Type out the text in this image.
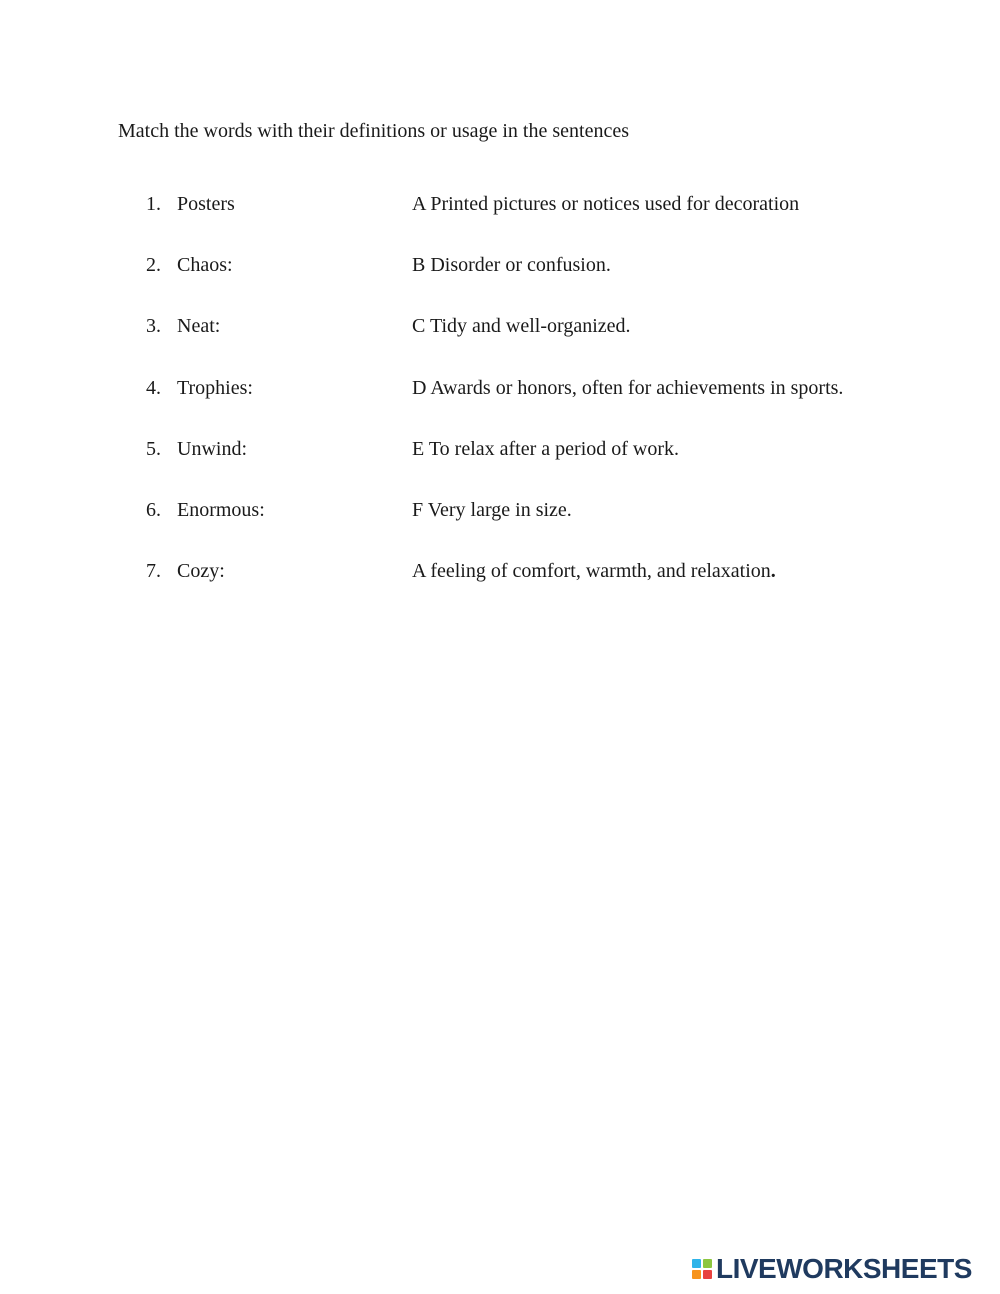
Match the words with their definitions or usage in the sentences
1. Posters	A Printed pictures or notices used for decoration
2. Chaos:	B Disorder or confusion.
3. Neat:	C Tidy and well-organized.
4. Trophies:	D Awards or honors, often for achievements in sports.
5. Unwind:	E To relax after a period of work.
6. Enormous:	F Very large in size.
7. Cozy:	A feeling of comfort, warmth, and relaxation.
LIVEWORKSHEETS
